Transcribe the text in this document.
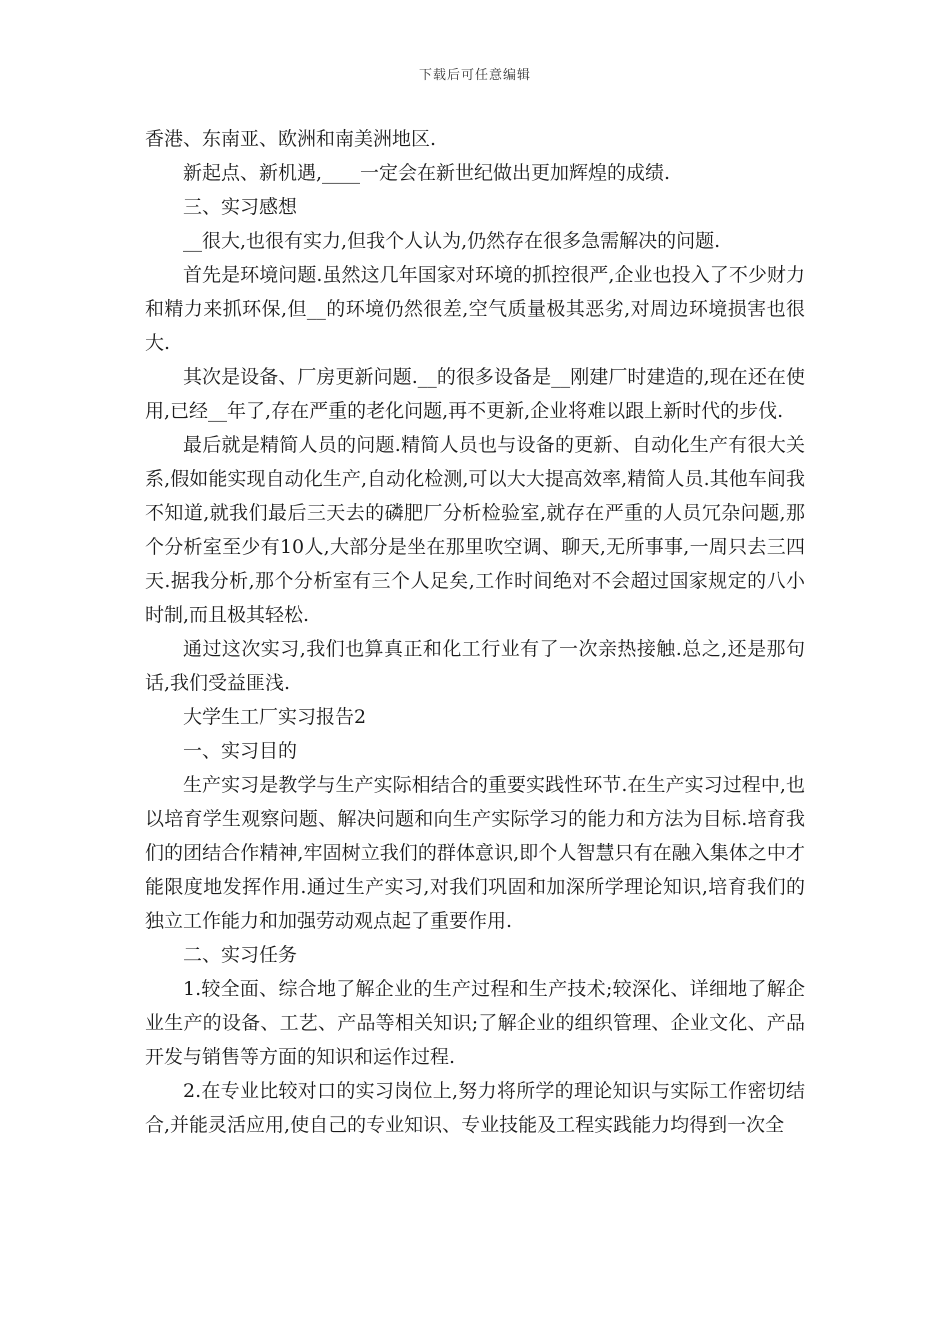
下载后可任意编辑

香港、东南亚、欧洲和南美洲地区.

新起点、新机遇,____一定会在新世纪做出更加辉煌的成绩.

三、实习感想

__很大,也很有实力,但我个人认为,仍然存在很多急需解决的问题.

首先是环境问题.虽然这几年国家对环境的抓控很严,企业也投入了不少财力和精力来抓环保,但__的环境仍然很差,空气质量极其恶劣,对周边环境损害也很大.

其次是设备、厂房更新问题.__的很多设备是__刚建厂时建造的,现在还在使用,已经__年了,存在严重的老化问题,再不更新,企业将难以跟上新时代的步伐.

最后就是精简人员的问题.精简人员也与设备的更新、自动化生产有很大关系,假如能实现自动化生产,自动化检测,可以大大提高效率,精简人员.其他车间我不知道,就我们最后三天去的磷肥厂分析检验室,就存在严重的人员冗杂问题,那个分析室至少有10人,大部分是坐在那里吹空调、聊天,无所事事,一周只去三四天.据我分析,那个分析室有三个人足矣,工作时间绝对不会超过国家规定的八小时制,而且极其轻松.

通过这次实习,我们也算真正和化工行业有了一次亲热接触.总之,还是那句话,我们受益匪浅.

大学生工厂实习报告2

一、实习目的

生产实习是教学与生产实际相结合的重要实践性环节.在生产实习过程中,也以培育学生观察问题、解决问题和向生产实际学习的能力和方法为目标.培育我们的团结合作精神,牢固树立我们的群体意识,即个人智慧只有在融入集体之中才能限度地发挥作用.通过生产实习,对我们巩固和加深所学理论知识,培育我们的独立工作能力和加强劳动观点起了重要作用.

二、实习任务

1.较全面、综合地了解企业的生产过程和生产技术;较深化、详细地了解企业生产的设备、工艺、产品等相关知识;了解企业的组织管理、企业文化、产品开发与销售等方面的知识和运作过程.

2.在专业比较对口的实习岗位上,努力将所学的理论知识与实际工作密切结合,并能灵活应用,使自己的专业知识、专业技能及工程实践能力均得到一次全
